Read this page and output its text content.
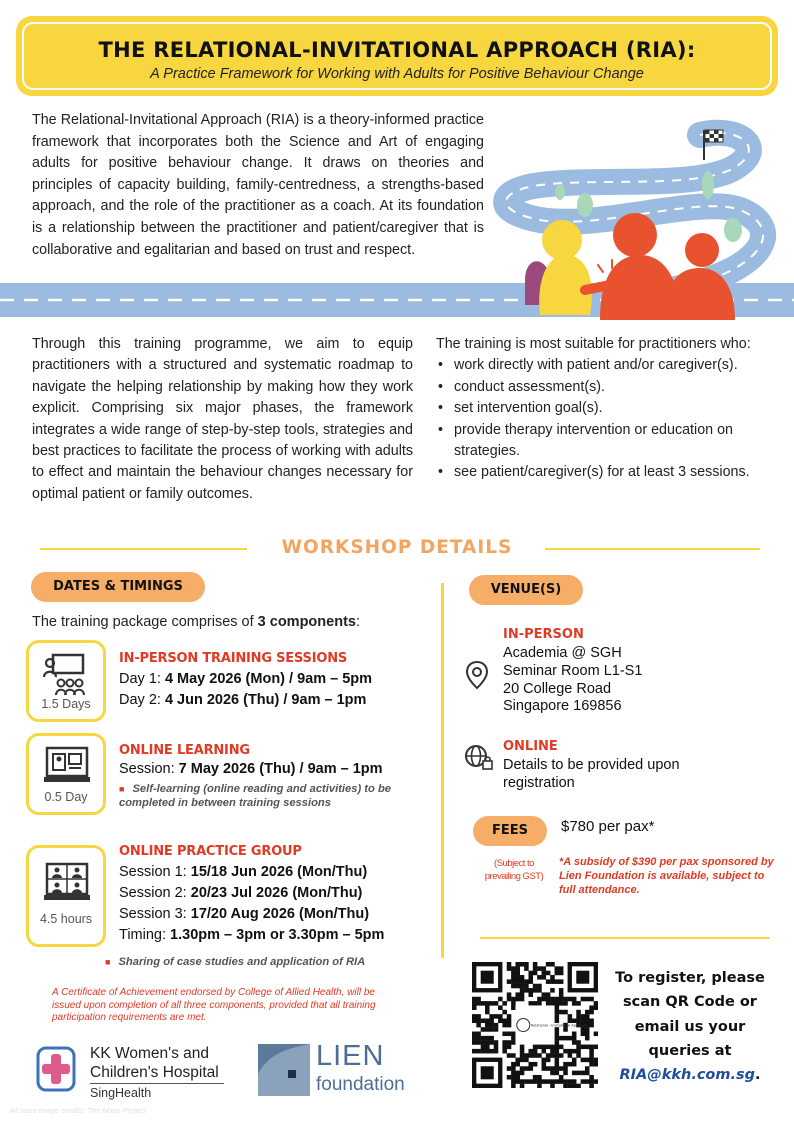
THE RELATIONAL-INVITATIONAL APPROACH (RIA):
A Practice Framework for Working with Adults for Positive Behaviour Change
The Relational-Invitational Approach (RIA) is a theory-informed practice framework that incorporates both the Science and Art of engaging adults for positive behaviour change. It draws on theories and principles of capacity building, family-centredness, a strengths-based approach, and the role of the practitioner as a coach. At its foundation is a relationship between the practitioner and patient/caregiver that is collaborative and egalitarian and based on trust and respect.
Through this training programme, we aim to equip practitioners with a structured and systematic roadmap to navigate the helping relationship by making how they work explicit. Comprising six major phases, the framework integrates a wide range of step-by-step tools, strategies and best practices to facilitate the process of working with adults to effect and maintain the behaviour changes necessary for optimal patient or family outcomes.
The training is most suitable for practitioners who:
• work directly with patient and/or caregiver(s).
• conduct assessment(s).
• set intervention goal(s).
• provide therapy intervention or education on strategies.
• see patient/caregiver(s) for at least 3 sessions.
WORKSHOP DETAILS
DATES & TIMINGS	VENUE(S)
The training package comprises of 3 components:
1.5 Days
IN-PERSON TRAINING SESSIONS
Day 1: 4 May 2026 (Mon) / 9am – 5pm
Day 2: 4 Jun 2026 (Thu) / 9am – 1pm
0.5 Day
ONLINE LEARNING
Session: 7 May 2026 (Thu) / 9am – 1pm
■ Self-learning (online reading and activities) to be completed in between training sessions
4.5 hours
ONLINE PRACTICE GROUP
Session 1: 15/18 Jun 2026 (Mon/Thu)
Session 2: 20/23 Jul 2026 (Mon/Thu)
Session 3: 17/20 Aug 2026 (Mon/Thu)
Timing: 1.30pm – 3pm or 3.30pm – 5pm
■ Sharing of case studies and application of RIA
A Certificate of Achievement endorsed by College of Allied Health, will be issued upon completion of all three components, provided that all training participation requirements are met.
IN-PERSON
Academia @ SGH
Seminar Room L1-S1
20 College Road
Singapore 169856
ONLINE
Details to be provided upon
registration
FEES	$780 per pax*
(Subject to prevailing GST)
*A subsidy of $390 per pax sponsored by Lien Foundation is available, subject to full attendance.
Relational - Invitational Approach
To register, please
scan QR Code or
email us your
queries at
RIA@kkh.com.sg.
KK Women's and
Children's Hospital
SingHealth
LIEN
foundation
All base image credits: The Noun Project
